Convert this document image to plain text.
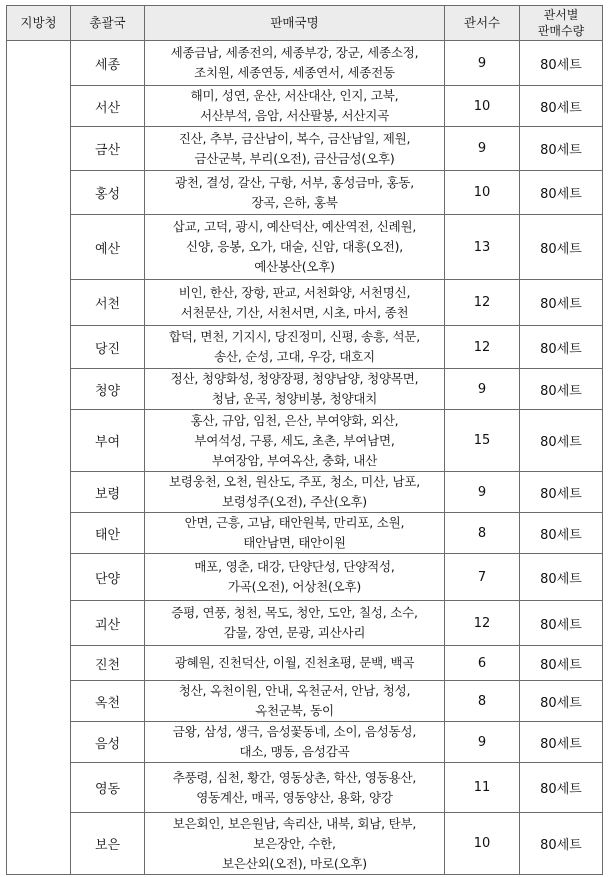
지방청	총괄국	판매국명	관서수	관서별
판매수량

	세종	세종금남, 세종전의, 세종부강, 장군, 세종소정,
조치원, 세종연동, 세종연서, 세종전동	9	80세트
	서산	해미, 성연, 운산, 서산대산, 인지, 고북,
서산부석, 음암, 서산팔봉, 서산지곡	10	80세트
	금산	진산, 추부, 금산남이, 복수, 금산남일, 제원,
금산군북, 부리(오전), 금산금성(오후)	9	80세트
	홍성	광천, 결성, 갈산, 구항, 서부, 홍성금마, 홍동,
장곡, 은하, 홍북	10	80세트
	예산	삽교, 고덕, 광시, 예산덕산, 예산역전, 신례원,
신양, 응봉, 오가, 대술, 신암, 대흥(오전),
예산봉산(오후)	13	80세트
	서천	비인, 한산, 장항, 판교, 서천화양, 서천명신,
서천문산, 기산, 서천서면, 시초, 마서, 종천	12	80세트
	당진	합덕, 면천, 기지시, 당진정미, 신평, 송흥, 석문,
송산, 순성, 고대, 우강, 대호지	12	80세트
	청양	정산, 청양화성, 청양장평, 청양남양, 청양목면,
청남, 운곡, 청양비봉, 청양대치	9	80세트
	부여	홍산, 규암, 임천, 은산, 부여양화, 외산,
부여석성, 구룡, 세도, 초촌, 부여남면,
부여장암, 부여옥산, 충화, 내산	15	80세트
	보령	보령웅천, 오천, 원산도, 주포, 청소, 미산, 남포,
보령성주(오전), 주산(오후)	9	80세트
	태안	안면, 근흥, 고남, 태안원북, 만리포, 소원,
태안남면, 태안이원	8	80세트
	단양	매포, 영춘, 대강, 단양단성, 단양적성,
가곡(오전), 어상천(오후)	7	80세트
	괴산	증평, 연풍, 청천, 목도, 청안, 도안, 칠성, 소수,
감물, 장연, 문광, 괴산사리	12	80세트
	진천	광혜원, 진천덕산, 이월, 진천초평, 문백, 백곡	6	80세트
	옥천	청산, 옥천이원, 안내, 옥천군서, 안남, 청성,
옥천군북, 동이	8	80세트
	음성	금왕, 삼성, 생극, 음성꽃동네, 소이, 음성동성,
대소, 맹동, 음성감곡	9	80세트
	영동	추풍령, 심천, 황간, 영동상촌, 학산, 영동용산,
영동계산, 매곡, 영동양산, 용화, 양강	11	80세트
	보은	보은회인, 보은원남, 속리산, 내북, 회남, 탄부,
보은장안, 수한,
보은산외(오전), 마로(오후)	10	80세트
